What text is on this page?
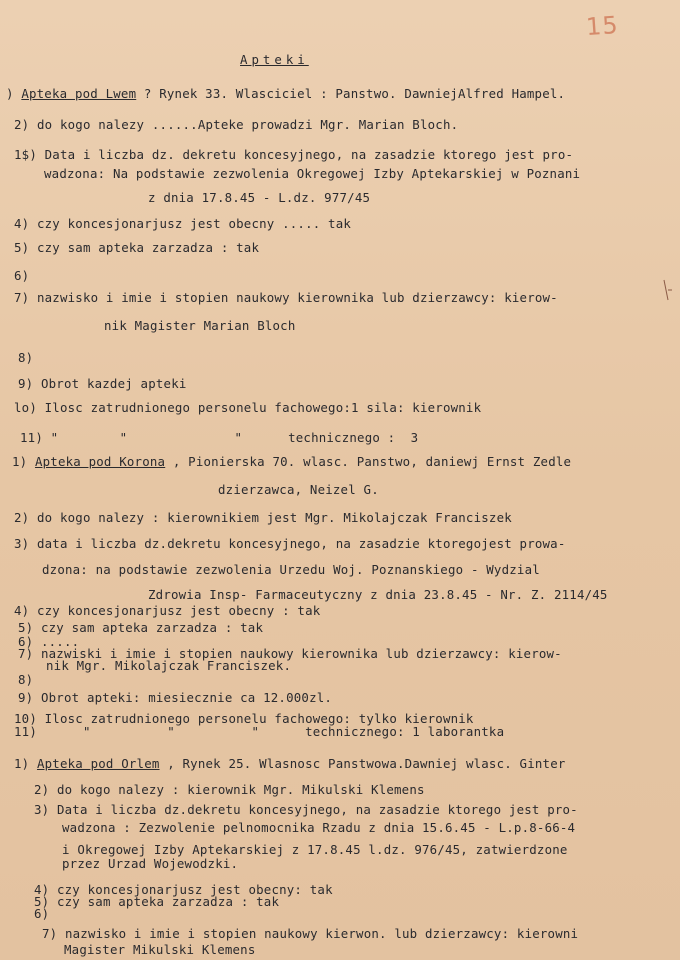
15
Apteki
) Apteka pod Lwem ? Rynek 33. Wlasciciel : Panstwo. DawniejAlfred Hampel.
2) do kogo nalezy ......Apteke prowadzi Mgr. Marian Bloch.
1$) Data i liczba dz. dekretu koncesyjnego, na zasadzie ktorego jest pro-
wadzona: Na podstawie zezwolenia Okregowej Izby Aptekarskiej w Poznani
z dnia 17.8.45 - L.dz. 977/45
4) czy koncesjonarjusz jest obecny ..... tak
5) czy sam apteka zarzadza : tak
6)
7) nazwisko i imie i stopien naukowy kierownika lub dzierzawcy: kierow-
nik Magister Marian Bloch
8)
9) Obrot kazdej apteki
lo) Ilosc zatrudnionego personelu fachowego:1 sila: kierownik
11) "        "              "      technicznego :  3
1) Apteka pod Korona , Pionierska 70. wlasc. Panstwo, daniewj Ernst Zedle
dzierzawca, Neizel G.
2) do kogo nalezy : kierownikiem jest Mgr. Mikolajczak Franciszek
3) data i liczba dz.dekretu koncesyjnego, na zasadzie ktoregojest prowa-
dzona: na podstawie zezwolenia Urzedu Woj. Poznanskiego - Wydzial
Zdrowia Insp- Farmaceutyczny z dnia 23.8.45 - Nr. Z. 2114/45
4) czy koncesjonarjusz jest obecny : tak
5) czy sam apteka zarzadza : tak
6) .....
7) nazwiski i imie i stopien naukowy kierownika lub dzierzawcy: kierow-
nik Mgr. Mikolajczak Franciszek.
8)
9) Obrot apteki: miesiecznie ca 12.000zl.
10) Ilosc zatrudnionego personelu fachowego: tylko kierownik
11)      "          "          "      technicznego: 1 laborantka
1) Apteka pod Orlem , Rynek 25. Wlasnosc Panstwowa.Dawniej wlasc. Ginter
2) do kogo nalezy : kierownik Mgr. Mikulski Klemens
3) Data i liczba dz.dekretu koncesyjnego, na zasadzie ktorego jest pro-
wadzona : Zezwolenie pelnomocnika Rzadu z dnia 15.6.45 - L.p.8-66-4
i Okregowej Izby Aptekarskiej z 17.8.45 l.dz. 976/45, zatwierdzone
przez Urzad Wojewodzki.
4) czy koncesjonarjusz jest obecny: tak
5) czy sam apteka zarzadza : tak
6)
7) nazwisko i imie i stopien naukowy kierwon. lub dzierzawcy: kierowni
Magister Mikulski Klemens
